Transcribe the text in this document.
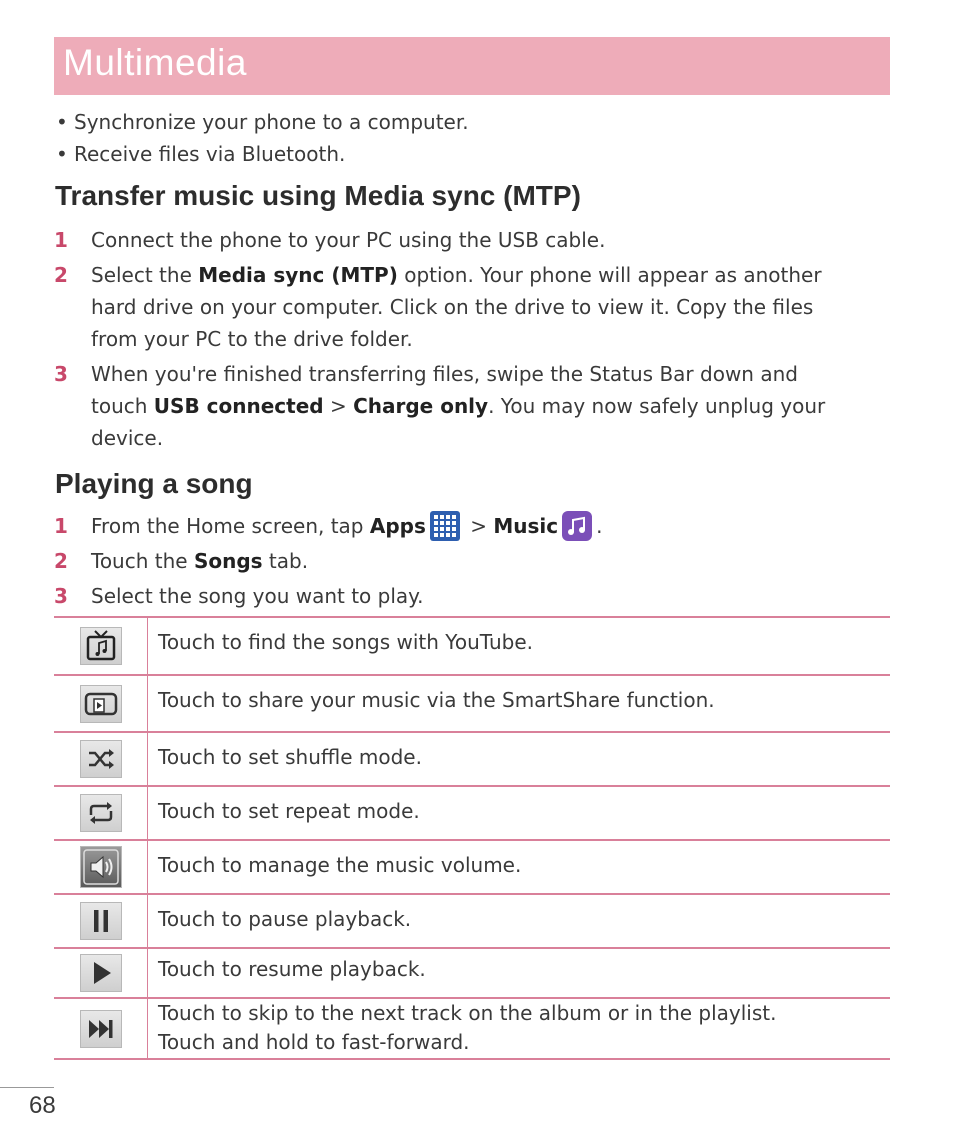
Multimedia
• Synchronize your phone to a computer.
• Receive files via Bluetooth.
Transfer music using Media sync (MTP)
1 Connect the phone to your PC using the USB cable.
2 Select the Media sync (MTP) option. Your phone will appear as another hard drive on your computer. Click on the drive to view it. Copy the files from your PC to the drive folder.
3 When you're finished transferring files, swipe the Status Bar down and touch USB connected > Charge only. You may now safely unplug your device.
Playing a song
1 From the Home screen, tap Apps > Music .
2 Touch the Songs tab.
3 Select the song you want to play.
	Touch to find the songs with YouTube.

	Touch to share your music via the SmartShare function.

	Touch to set shuffle mode.

	Touch to set repeat mode.

	Touch to manage the music volume.

	Touch to pause playback.

	Touch to resume playback.

Touch to skip to the next track on the album or in the playlist.
Touch and hold to fast-forward.
68
